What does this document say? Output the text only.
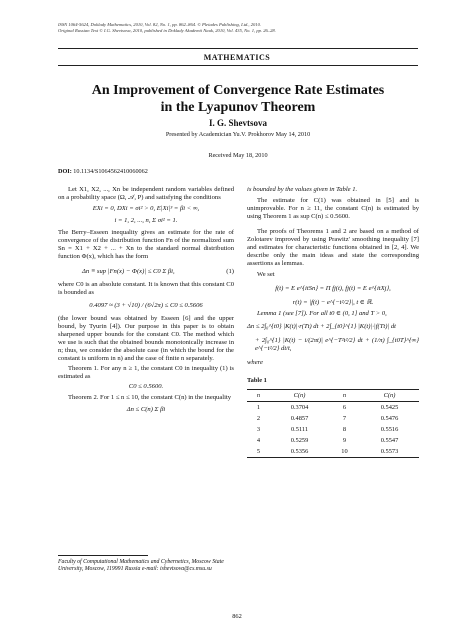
ISSN 1064-5624, Doklady Mathematics, 2010, Vol. 82, No. 1, pp. 862–864. © Pleiades Publishing, Ltd., 2010.
Original Russian Text © I.G. Shevtsova, 2010, published in Doklady Akademii Nauk, 2010, Vol. 435, No. 1, pp. 26–28.
MATHEMATICS
An Improvement of Convergence Rate Estimates
in the Lyapunov Theorem
I. G. Shevtsova
Presented by Academician Yu.V. Prokhorov May 14, 2010
Received May 18, 2010
DOI: 10.1134/S1064562410060062

Let X1, X2, ..., Xn be independent random variables defined on a probability space (Ω, 𝒜, P) and satisfying the conditions

EXi = 0, DXi = σi² > 0, E|Xi|³ = βi < ∞,

i = 1, 2, ..., n, Σ σi² = 1.

The Berry–Esseen inequality gives an estimate for the rate of convergence of the distribution function Fn of the normalized sum Sn = X1 + X2 + ... + Xn to the standard normal distribution function Φ(x), which has the form

Δn ≡ sup |Fn(x) − Φ(x)| ≤ C0 Σ βi,	(1)

where C0 is an absolute constant. It is known that this constant C0 is bounded as

0.4097 ≈ (3 + √10) / (6√2π) ≤ C0 ≤ 0.5606

(the lower bound was obtained by Esseen [6] and the upper bound, by Tyurin [4]). Our purpose in this paper is to obtain sharpened upper bounds for the constant C0. The method which we use is such that the obtained bounds monotonically increase in n; thus, we consider the absolute case (in which the bound for the constant is uniform in n) and the case of finite n separately.

Theorem 1. For any n ≥ 1, the constant C0 in inequality (1) is estimated as

C0 ≤ 0.5600.

Theorem 2. For 1 ≤ n ≤ 10, the constant C(n) in the inequality

Δn ≤ C(n) Σ βi

Faculty of Computational Mathematics and Cybernetics, Moscow State University, Moscow, 119991 Russia e-mail: ishevtsova@cs.msu.su

is bounded by the values given in Table 1.

The estimate for C(1) was obtained in [5] and is unimprovable. For n ≥ 11, the constant C(n) is estimated by using Theorem 1 as sup C(n) ≤ 0.5600.

The proofs of Theorems 1 and 2 are based on a method of Zolotarev improved by using Prawitz' smoothing inequality [7] and estimates for characteristic functions obtained in [2, 4]. We describe only the main ideas and state the corresponding assertions as lemmas.

We set

f(t) = E e^{itSn} = Π fj(t), fj(t) = E e^{itXj},

r(t) = |f(t) − e^{−t²/2}|, t ∈ ℝ.

Lemma 1 (see [7]). For all t0 ∈ (0, 1] and T > 0,

Δn ≤ 2∫₀^{t0} |K(t)|·r(Tt) dt + 2∫_{t0}^{1} |K(t)|·|f(Tt)| dt

+ 2∫₀^{1} |K(t) − i/(2πt)| e^{−T²t²/2} dt + (1/π) ∫_{t0T}^{∞} e^{−t²/2} dt/t,

where

Table 1
n	C(n)	n	C(n)
1	0.3704	6	0.5425
2	0.4857	7	0.5476
3	0.5111	8	0.5516
4	0.5259	9	0.5547
5	0.5356	10	0.5573
862
